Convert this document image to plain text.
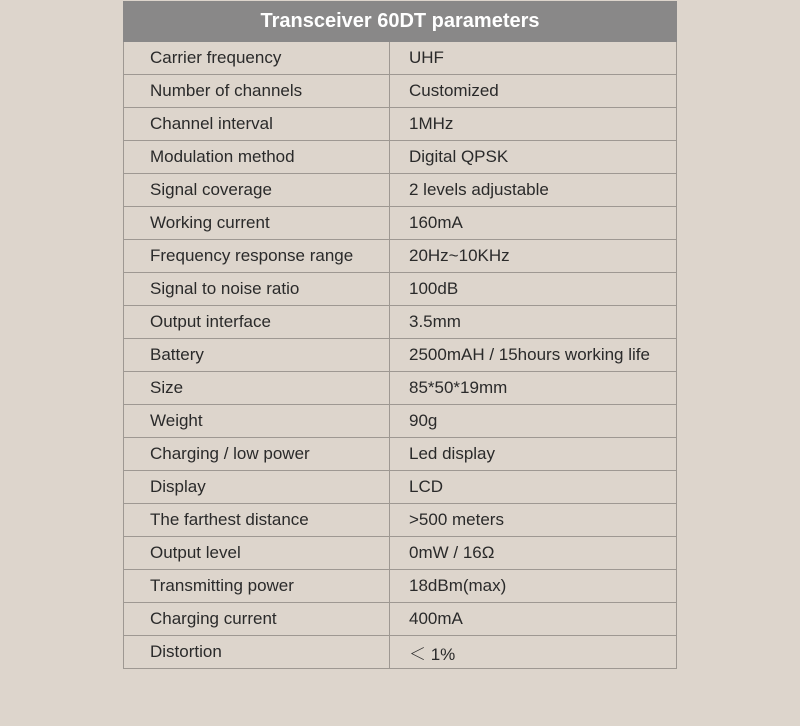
Transceiver 60DT parameters	
Carrier frequency	UHF
Number of channels	Customized
Channel interval	1MHz
Modulation method	Digital QPSK
Signal coverage	2 levels adjustable
Working current	160mA
Frequency response range	20Hz~10KHz
Signal to noise ratio	100dB
Output interface	3.5mm
Battery	2500mAH / 15hours working life
Size	85*50*19mm
Weight	90g
Charging / low power	Led display
Display	LCD
The farthest distance	>500 meters
Output level	0mW / 16Ω
Transmitting power	18dBm(max)
Charging current	400mA
Distortion	＜ 1%
